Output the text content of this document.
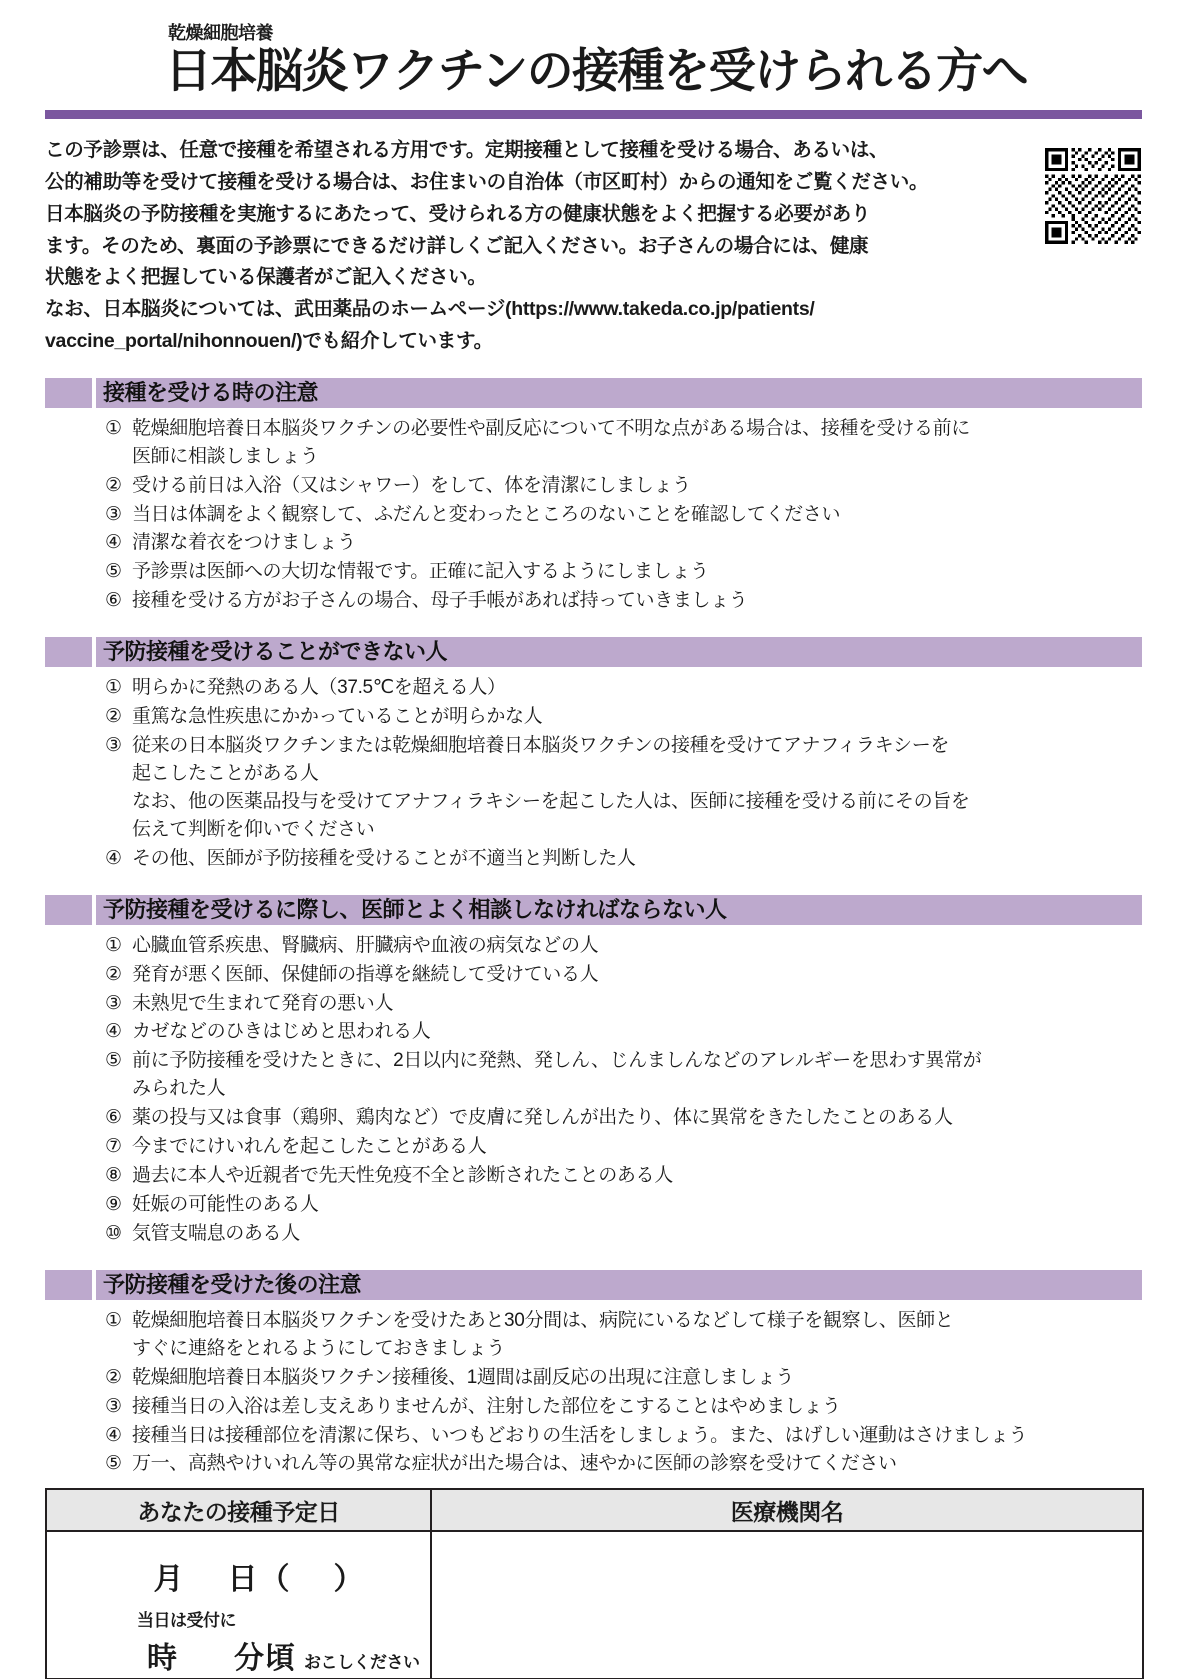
乾燥細胞培養
日本脳炎ワクチンの接種を受けられる方へ
この予診票は、任意で接種を希望される方用です。定期接種として接種を受ける場合、あるいは、
公的補助等を受けて接種を受ける場合は、お住まいの自治体（市区町村）からの通知をご覧ください。
日本脳炎の予防接種を実施するにあたって、受けられる方の健康状態をよく把握する必要があり
ます。そのため、裏面の予診票にできるだけ詳しくご記入ください。お子さんの場合には、健康
状態をよく把握している保護者がご記入ください。
なお、日本脳炎については、武田薬品のホームページ(https://www.takeda.co.jp/patients/
vaccine_portal/nihonnouen/)でも紹介しています。
接種を受ける時の注意
① 乾燥細胞培養日本脳炎ワクチンの必要性や副反応について不明な点がある場合は、接種を受ける前に
医師に相談しましょう
② 受ける前日は入浴（又はシャワー）をして、体を清潔にしましょう
③ 当日は体調をよく観察して、ふだんと変わったところのないことを確認してください
④ 清潔な着衣をつけましょう
⑤ 予診票は医師への大切な情報です。正確に記入するようにしましょう
⑥ 接種を受ける方がお子さんの場合、母子手帳があれば持っていきましょう
予防接種を受けることができない人
① 明らかに発熱のある人（37.5℃を超える人）
② 重篤な急性疾患にかかっていることが明らかな人
③ 従来の日本脳炎ワクチンまたは乾燥細胞培養日本脳炎ワクチンの接種を受けてアナフィラキシーを
起こしたことがある人
なお、他の医薬品投与を受けてアナフィラキシーを起こした人は、医師に接種を受ける前にその旨を
伝えて判断を仰いでください
④ その他、医師が予防接種を受けることが不適当と判断した人
予防接種を受けるに際し、医師とよく相談しなければならない人
① 心臓血管系疾患、腎臓病、肝臓病や血液の病気などの人
② 発育が悪く医師、保健師の指導を継続して受けている人
③ 未熟児で生まれて発育の悪い人
④ カゼなどのひきはじめと思われる人
⑤ 前に予防接種を受けたときに、2日以内に発熱、発しん、じんましんなどのアレルギーを思わす異常が
みられた人
⑥ 薬の投与又は食事（鶏卵、鶏肉など）で皮膚に発しんが出たり、体に異常をきたしたことのある人
⑦ 今までにけいれんを起こしたことがある人
⑧ 過去に本人や近親者で先天性免疫不全と診断されたことのある人
⑨ 妊娠の可能性のある人
⑩ 気管支喘息のある人
予防接種を受けた後の注意
① 乾燥細胞培養日本脳炎ワクチンを受けたあと30分間は、病院にいるなどして様子を観察し、医師と
すぐに連絡をとれるようにしておきましょう
② 乾燥細胞培養日本脳炎ワクチン接種後、1週間は副反応の出現に注意しましょう
③ 接種当日の入浴は差し支えありませんが、注射した部位をこすることはやめましょう
④ 接種当日は接種部位を清潔に保ち、いつもどおりの生活をしましょう。また、はげしい運動はさけましょう
⑤ 万一、高熱やけいれん等の異常な症状が出た場合は、速やかに医師の診察を受けてください
あなたの接種予定日	医療機関名

月 日（ ）
当日は受付に
時 分頃 おこしください	
